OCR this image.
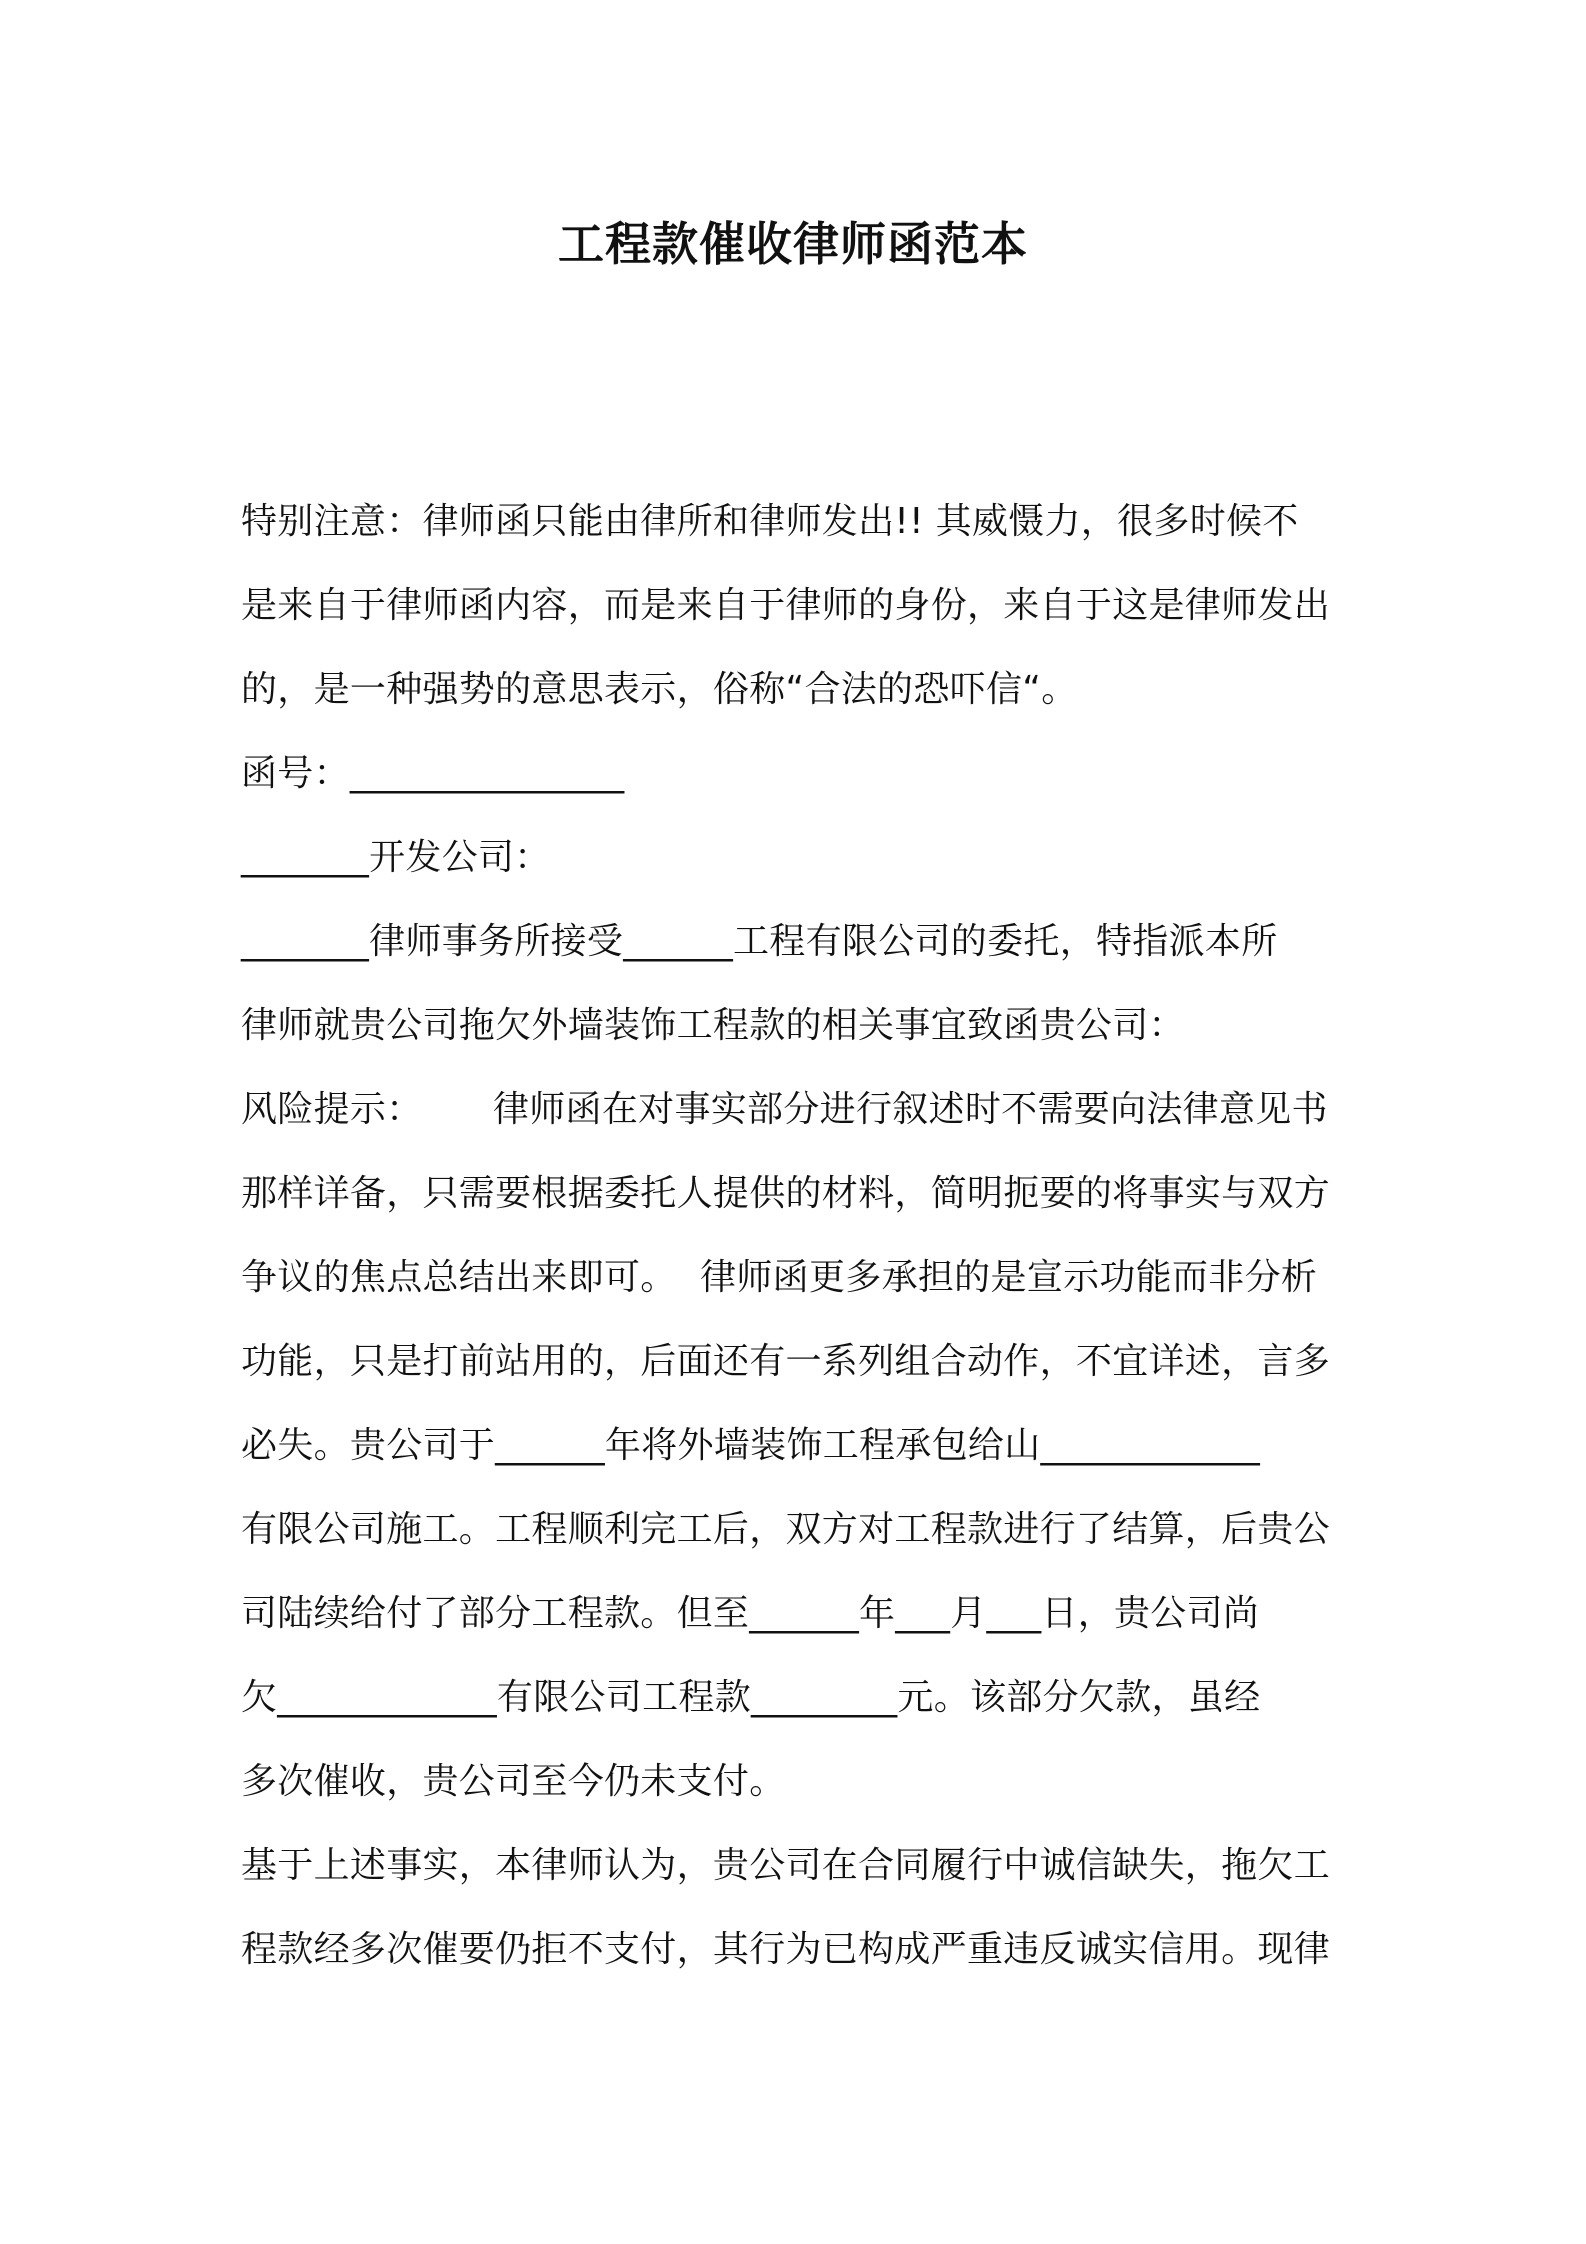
工程款催收律师函范本
特别注意：律师函只能由律所和律师发出!! 其威慑力，很多时候不
是来自于律师函内容，而是来自于律师的身份，来自于这是律师发出
的，是一种强势的意思表示，俗称“合法的恐吓信“。
函号：_______________
_______开发公司：
_______律师事务所接受______工程有限公司的委托，特指派本所
律师就贵公司拖欠外墙装饰工程款的相关事宜致函贵公司：
风险提示：      律师函在对事实部分进行叙述时不需要向法律意见书
那样详备，只需要根据委托人提供的材料，简明扼要的将事实与双方
争议的焦点总结出来即可。  律师函更多承担的是宣示功能而非分析
功能，只是打前站用的，后面还有一系列组合动作，不宜详述，言多
必失。贵公司于______年将外墙装饰工程承包给山____________
有限公司施工。工程顺利完工后，双方对工程款进行了结算，后贵公
司陆续给付了部分工程款。但至______年___月___日，贵公司尚
欠____________有限公司工程款________元。该部分欠款，虽经
多次催收，贵公司至今仍未支付。
基于上述事实，本律师认为，贵公司在合同履行中诚信缺失，拖欠工
程款经多次催要仍拒不支付，其行为已构成严重违反诚实信用。现律
